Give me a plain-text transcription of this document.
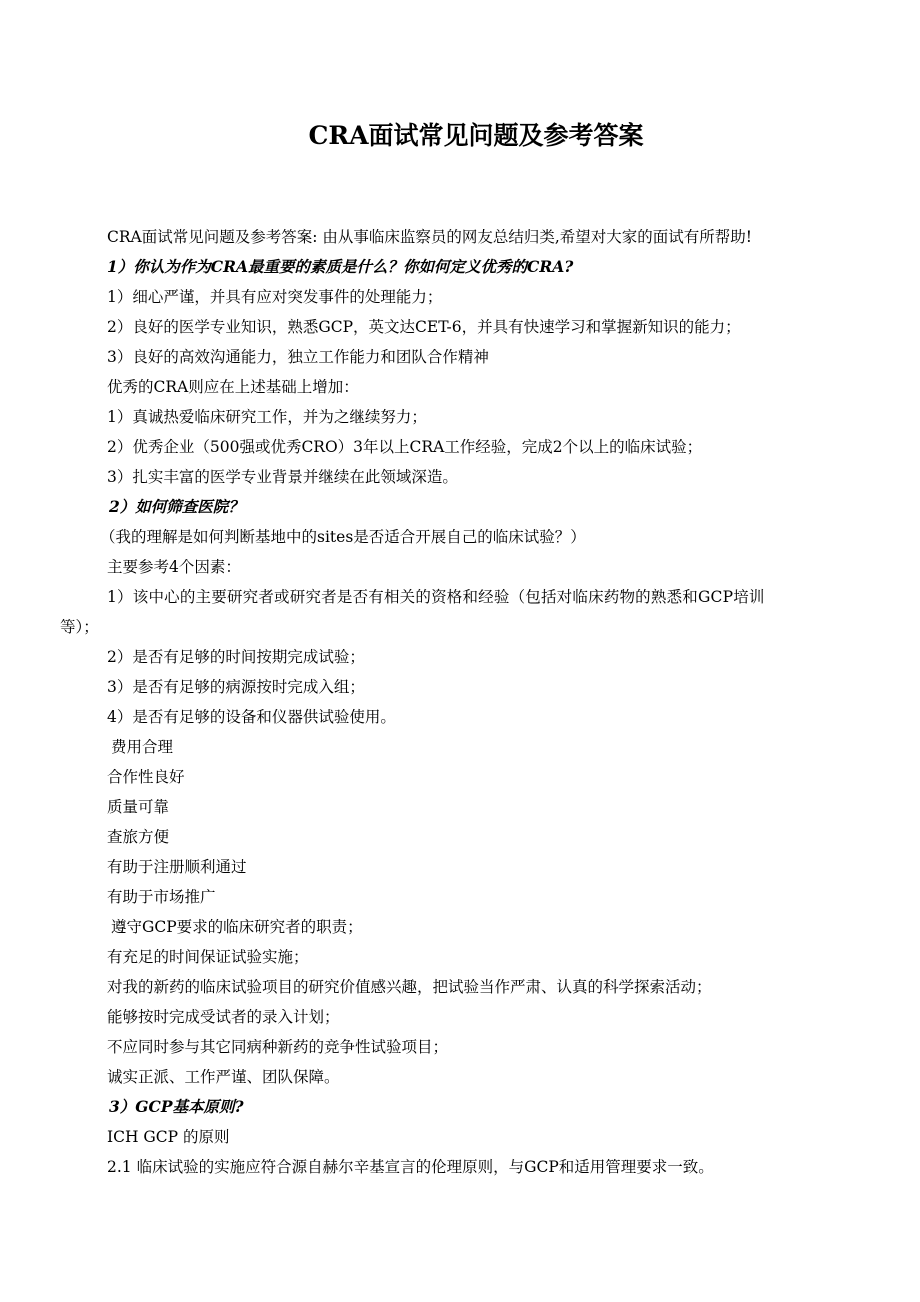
CRA面试常见问题及参考答案
CRA面试常见问题及参考答案: 由从事临床监察员的网友总结归类,希望对大家的面试有所帮助!
1）你认为作为CRA最重要的素质是什么？你如何定义优秀的CRA?
1）细心严谨，并具有应对突发事件的处理能力；
2）良好的医学专业知识，熟悉GCP，英文达CET-6，并具有快速学习和掌握新知识的能力；
3）良好的高效沟通能力，独立工作能力和团队合作精神
优秀的CRA则应在上述基础上增加：
1）真诚热爱临床研究工作，并为之继续努力；
2）优秀企业（500强或优秀CRO）3年以上CRA工作经验，完成2个以上的临床试验；
3）扎实丰富的医学专业背景并继续在此领域深造。
2）如何筛查医院？
（我的理解是如何判断基地中的sites是否适合开展自己的临床试验？）
主要参考4个因素：
1）该中心的主要研究者或研究者是否有相关的资格和经验（包括对临床药物的熟悉和GCP培训
等）；
2）是否有足够的时间按期完成试验；
3）是否有足够的病源按时完成入组；
4）是否有足够的设备和仪器供试验使用。
费用合理
合作性良好
质量可靠
查旅方便
有助于注册顺利通过
有助于市场推广
遵守GCP要求的临床研究者的职责；
有充足的时间保证试验实施；
对我的新药的临床试验项目的研究价值感兴趣，把试验当作严肃、认真的科学探索活动；
能够按时完成受试者的录入计划；
不应同时参与其它同病种新药的竞争性试验项目；
诚实正派、工作严谨、团队保障。
3）GCP基本原则?
ICH GCP 的原则
2.1 临床试验的实施应符合源自赫尔辛基宣言的伦理原则，与GCP和适用管理要求一致。
